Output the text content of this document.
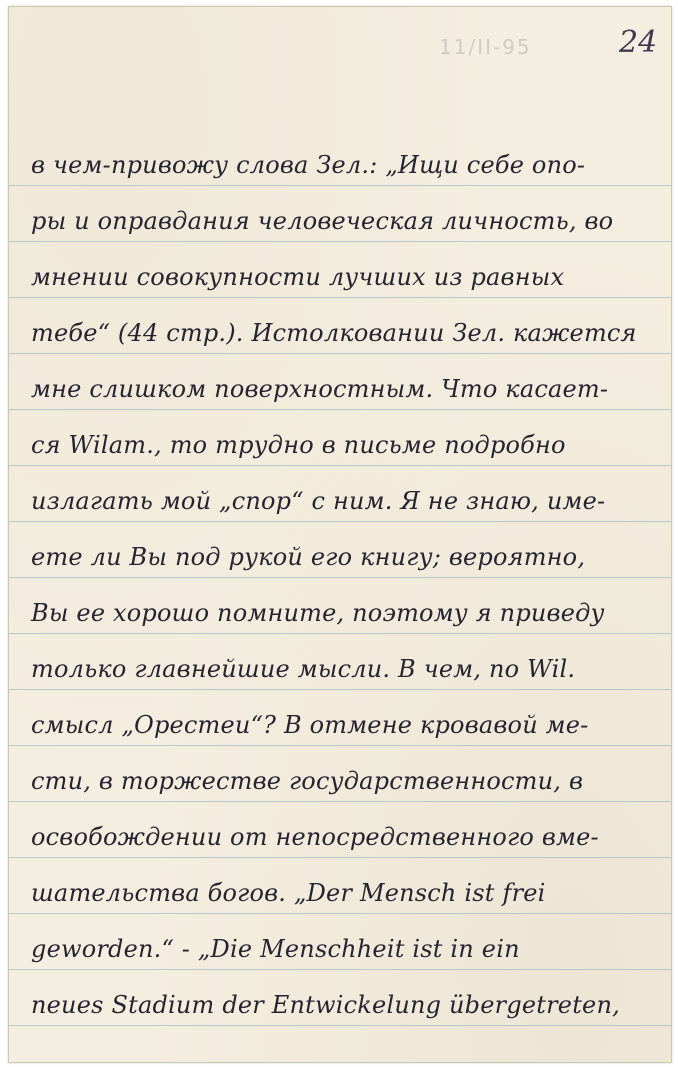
11/II-95	24
в чем-привожу слова Зел.: „Ищи себе опо-
ры и оправдания человеческая личность, во
мнении совокупности лучших из равных
тебе“ (44 стр.). Истолковании Зел. кажется
мне слишком поверхностным. Что касает-
ся Wilam., то трудно в письме подробно
излагать мой „спор“ с ним. Я не знаю, име-
ете ли Вы под рукой его книгу; вероятно,
Вы ее хорошо помните, поэтому я приведу
только главнейшие мысли. В чем, по Wil.
смысл „Орестеи“? В отмене кровавой ме-
сти, в торжестве государственности, в
освобождении от непосредственного вме-
шательства богов. „Der Mensch ist frei
geworden.“ - „Die Menschheit ist in ein
neues Stadium der Entwickelung übergetreten,
